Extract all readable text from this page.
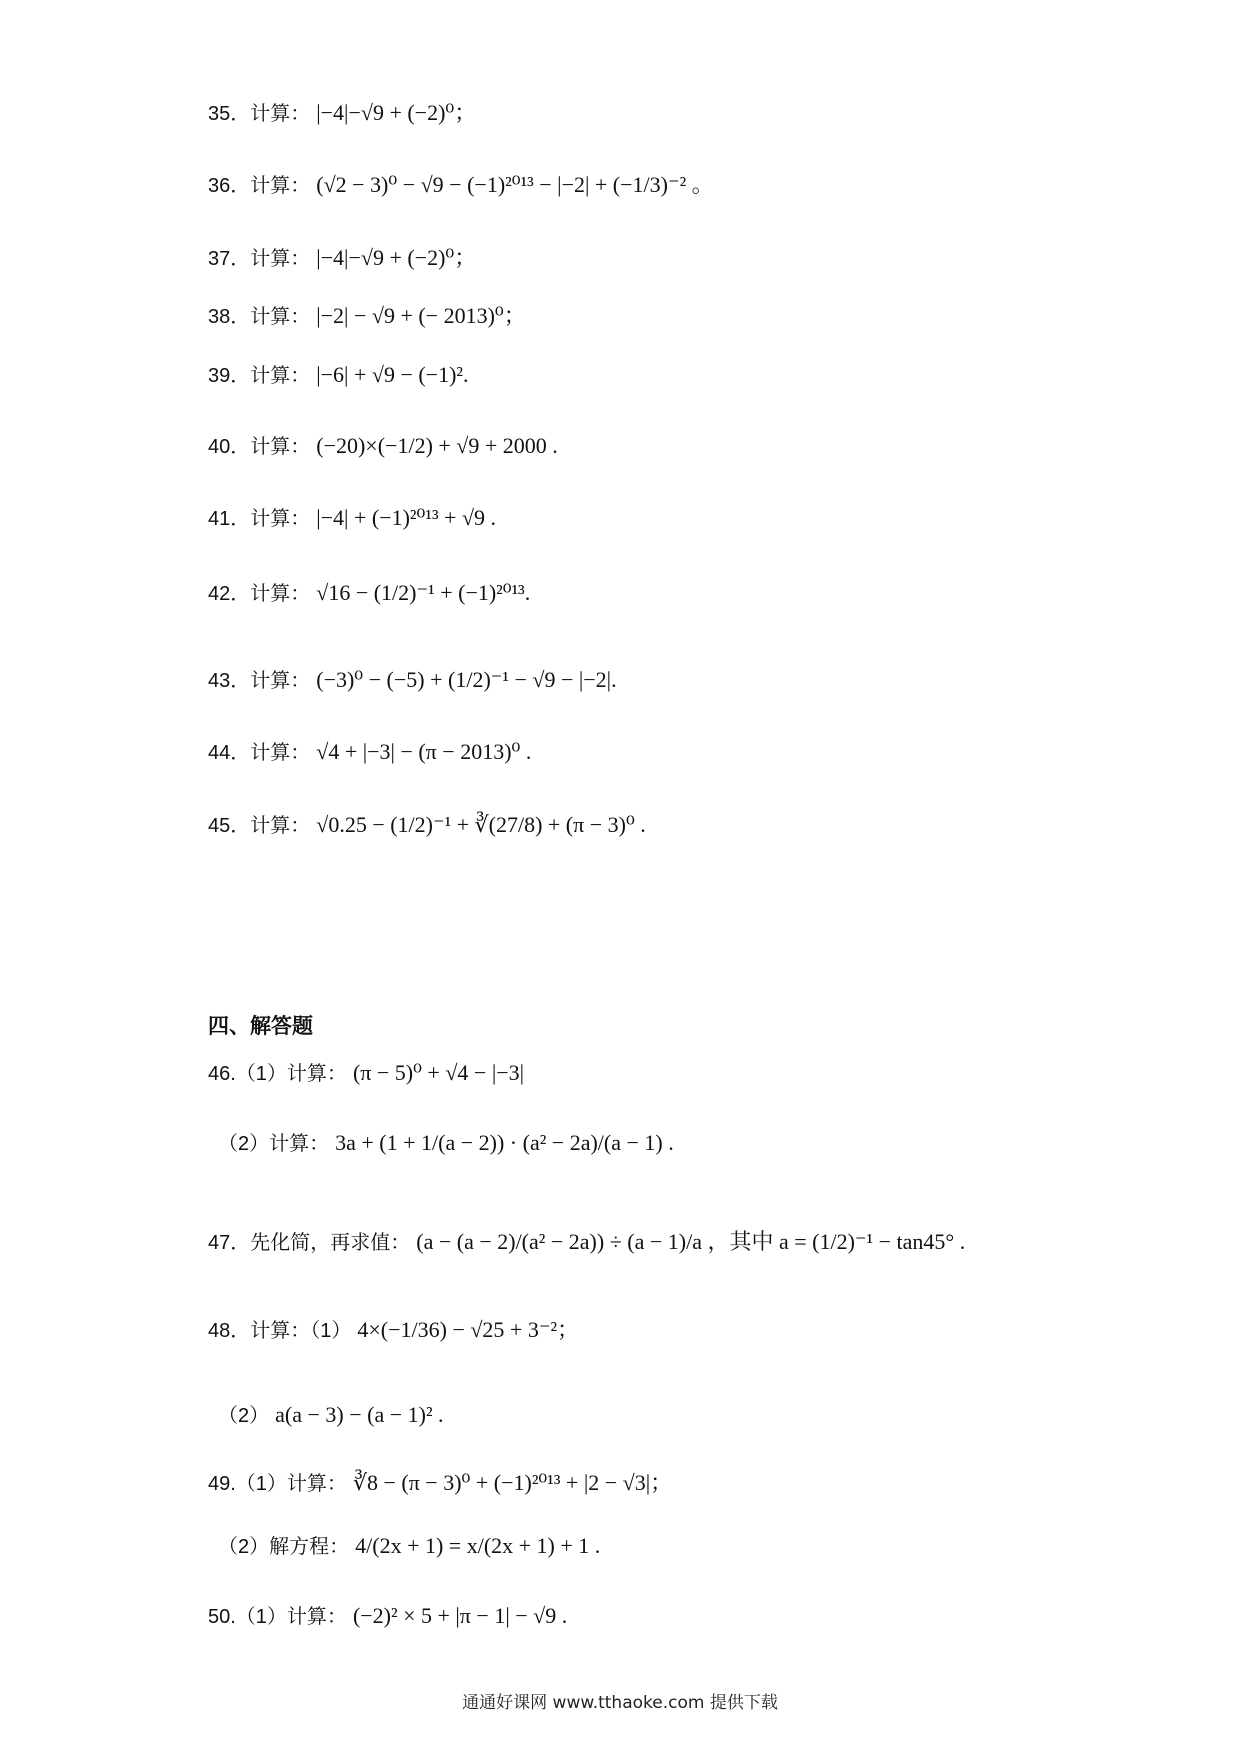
35．计算： |−4|−√9 + (−2)⁰；
36．计算： (√2 − 3)⁰ − √9 − (−1)²⁰¹³ − |−2| + (−1/3)⁻² 。
37．计算： |−4|−√9 + (−2)⁰；
38．计算： |−2| − √9 + (− 2013)⁰；
39．计算： |−6| + √9 − (−1)².
40．计算： (−20)×(−1/2) + √9 + 2000 .
41．计算： |−4| + (−1)²⁰¹³ + √9 .
42．计算： √16 − (1/2)⁻¹ + (−1)²⁰¹³.
43．计算： (−3)⁰ − (−5) + (1/2)⁻¹ − √9 − |−2|.
44．计算： √4 + |−3| − (π − 2013)⁰ .
45．计算： √0.25 − (1/2)⁻¹ + ∛(27/8) + (π − 3)⁰ .
四、解答题
46.（1）计算： (π − 5)⁰ + √4 − |−3|
（2）计算： 3a + (1 + 1/(a − 2)) · (a² − 2a)/(a − 1) .
47．先化简，再求值： (a − (a − 2)/(a² − 2a)) ÷ (a − 1)/a ，其中 a = (1/2)⁻¹ − tan45° .
48．计算：（1） 4×(−1/36) − √25 + 3⁻²；
（2） a(a − 3) − (a − 1)² .
49.（1）计算： ∛8 − (π − 3)⁰ + (−1)²⁰¹³ + |2 − √3|；
（2）解方程： 4/(2x + 1) = x/(2x + 1) + 1 .
50.（1）计算： (−2)² × 5 + |π − 1| − √9 .
通通好课网 www.tthaoke.com 提供下载
